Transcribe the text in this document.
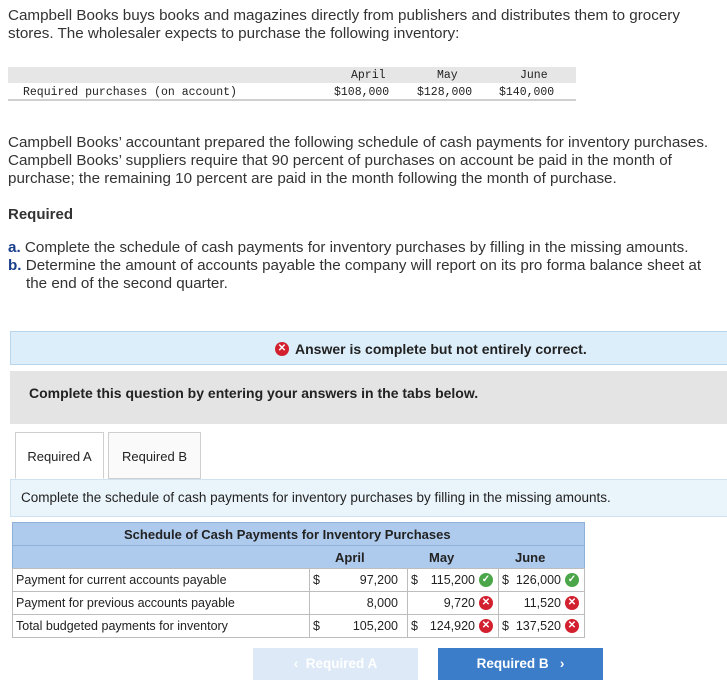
Campbell Books buys books and magazines directly from publishers and distributes them to grocery stores. The wholesaler expects to purchase the following inventory:
Required purchases (on account)
April	May	June
$108,000 $128,000 $140,000
Campbell Books’ accountant prepared the following schedule of cash payments for inventory purchases. Campbell Books’ suppliers require that 90 percent of purchases on account be paid in the month of purchase; the remaining 10 percent are paid in the month following the month of purchase.
Required
a. Complete the schedule of cash payments for inventory purchases by filling in the missing amounts.
b. Determine the amount of accounts payable the company will report on its pro forma balance sheet at
the end of the second quarter.
✕ Answer is complete but not entirely correct.
Complete this question by entering your answers in the tabs below.
Required A	Required B
Complete the schedule of cash payments for inventory purchases by filling in the missing amounts.
Schedule of Cash Payments for Inventory Purchases
April	May	June
Payment for current accounts payable	$	97,200 $ 115,200 ✓ $ 126,000 ✓
Payment for previous accounts payable	8,000	9,720 ✕	11,520 ✕
Total budgeted payments for inventory	$	105,200 $ 124,920 ✕ $ 137,520 ✕
‹ Required A	Required B ›
